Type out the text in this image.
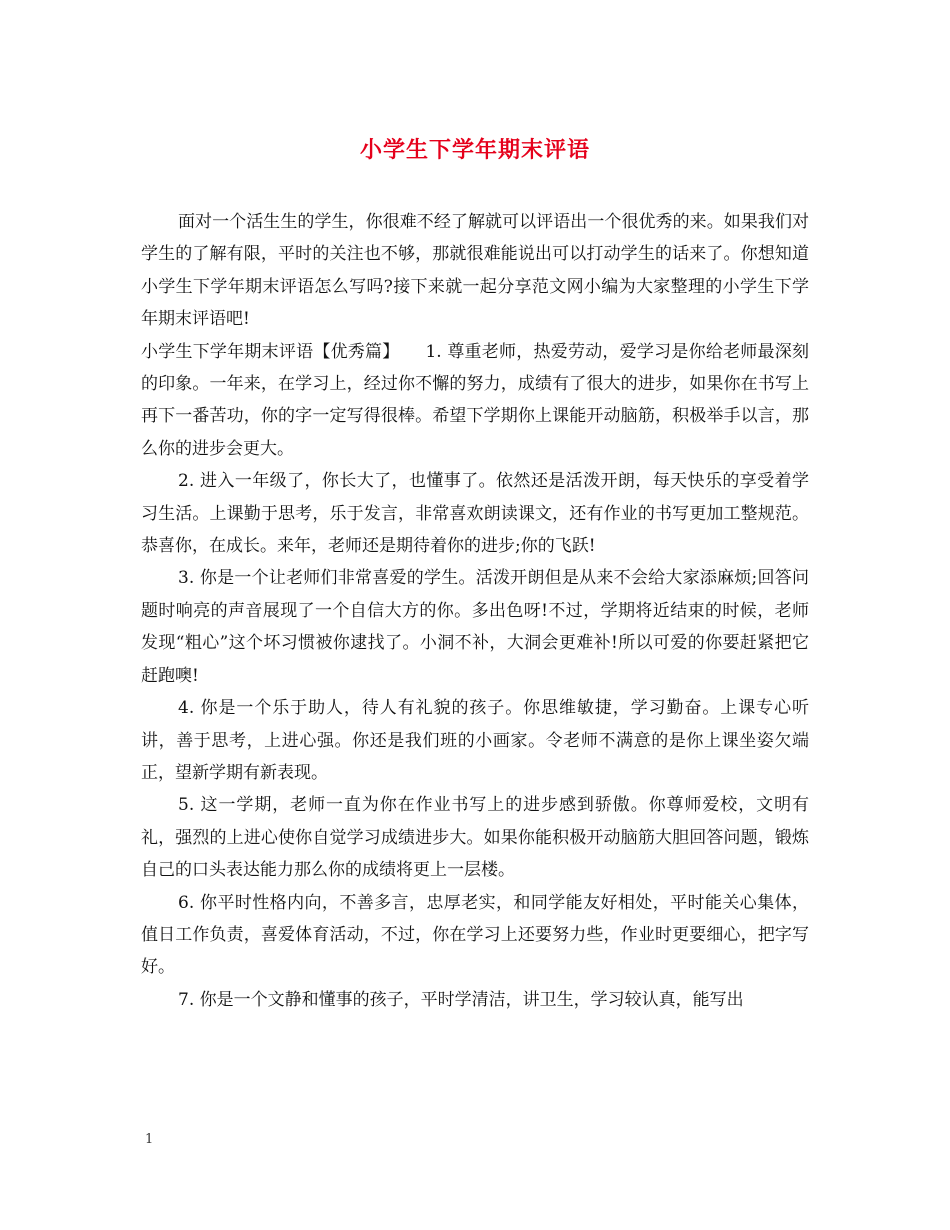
小学生下学年期末评语

面对一个活生生的学生，你很难不经了解就可以评语出一个很优秀的来。如果我们对学生的了解有限，平时的关注也不够，那就很难能说出可以打动学生的话来了。你想知道小学生下学年期末评语怎么写吗?接下来就一起分享范文网小编为大家整理的小学生下学年期末评语吧!

小学生下学年期末评语【优秀篇】　　1. 尊重老师，热爱劳动，爱学习是你给老师最深刻的印象。一年来，在学习上，经过你不懈的努力，成绩有了很大的进步，如果你在书写上再下一番苦功，你的字一定写得很棒。希望下学期你上课能开动脑筋，积极举手以言，那么你的进步会更大。

2. 进入一年级了，你长大了，也懂事了。依然还是活泼开朗，每天快乐的享受着学习生活。上课勤于思考，乐于发言，非常喜欢朗读课文，还有作业的书写更加工整规范。恭喜你，在成长。来年，老师还是期待着你的进步;你的飞跃!

3. 你是一个让老师们非常喜爱的学生。活泼开朗但是从来不会给大家添麻烦;回答问题时响亮的声音展现了一个自信大方的你。多出色呀!不过，学期将近结束的时候，老师发现“粗心”这个坏习惯被你逮找了。小洞不补，大洞会更难补!所以可爱的你要赶紧把它赶跑噢!

4. 你是一个乐于助人，待人有礼貌的孩子。你思维敏捷，学习勤奋。上课专心听讲，善于思考，上进心强。你还是我们班的小画家。令老师不满意的是你上课坐姿欠端正，望新学期有新表现。

5. 这一学期，老师一直为你在作业书写上的进步感到骄傲。你尊师爱校，文明有礼，强烈的上进心使你自觉学习成绩进步大。如果你能积极开动脑筋大胆回答问题，锻炼自己的口头表达能力那么你的成绩将更上一层楼。

6. 你平时性格内向，不善多言，忠厚老实，和同学能友好相处，平时能关心集体，值日工作负责，喜爱体育活动，不过，你在学习上还要努力些，作业时更要细心，把字写好。

7. 你是一个文静和懂事的孩子，平时学清洁，讲卫生，学习较认真，能写出

1
